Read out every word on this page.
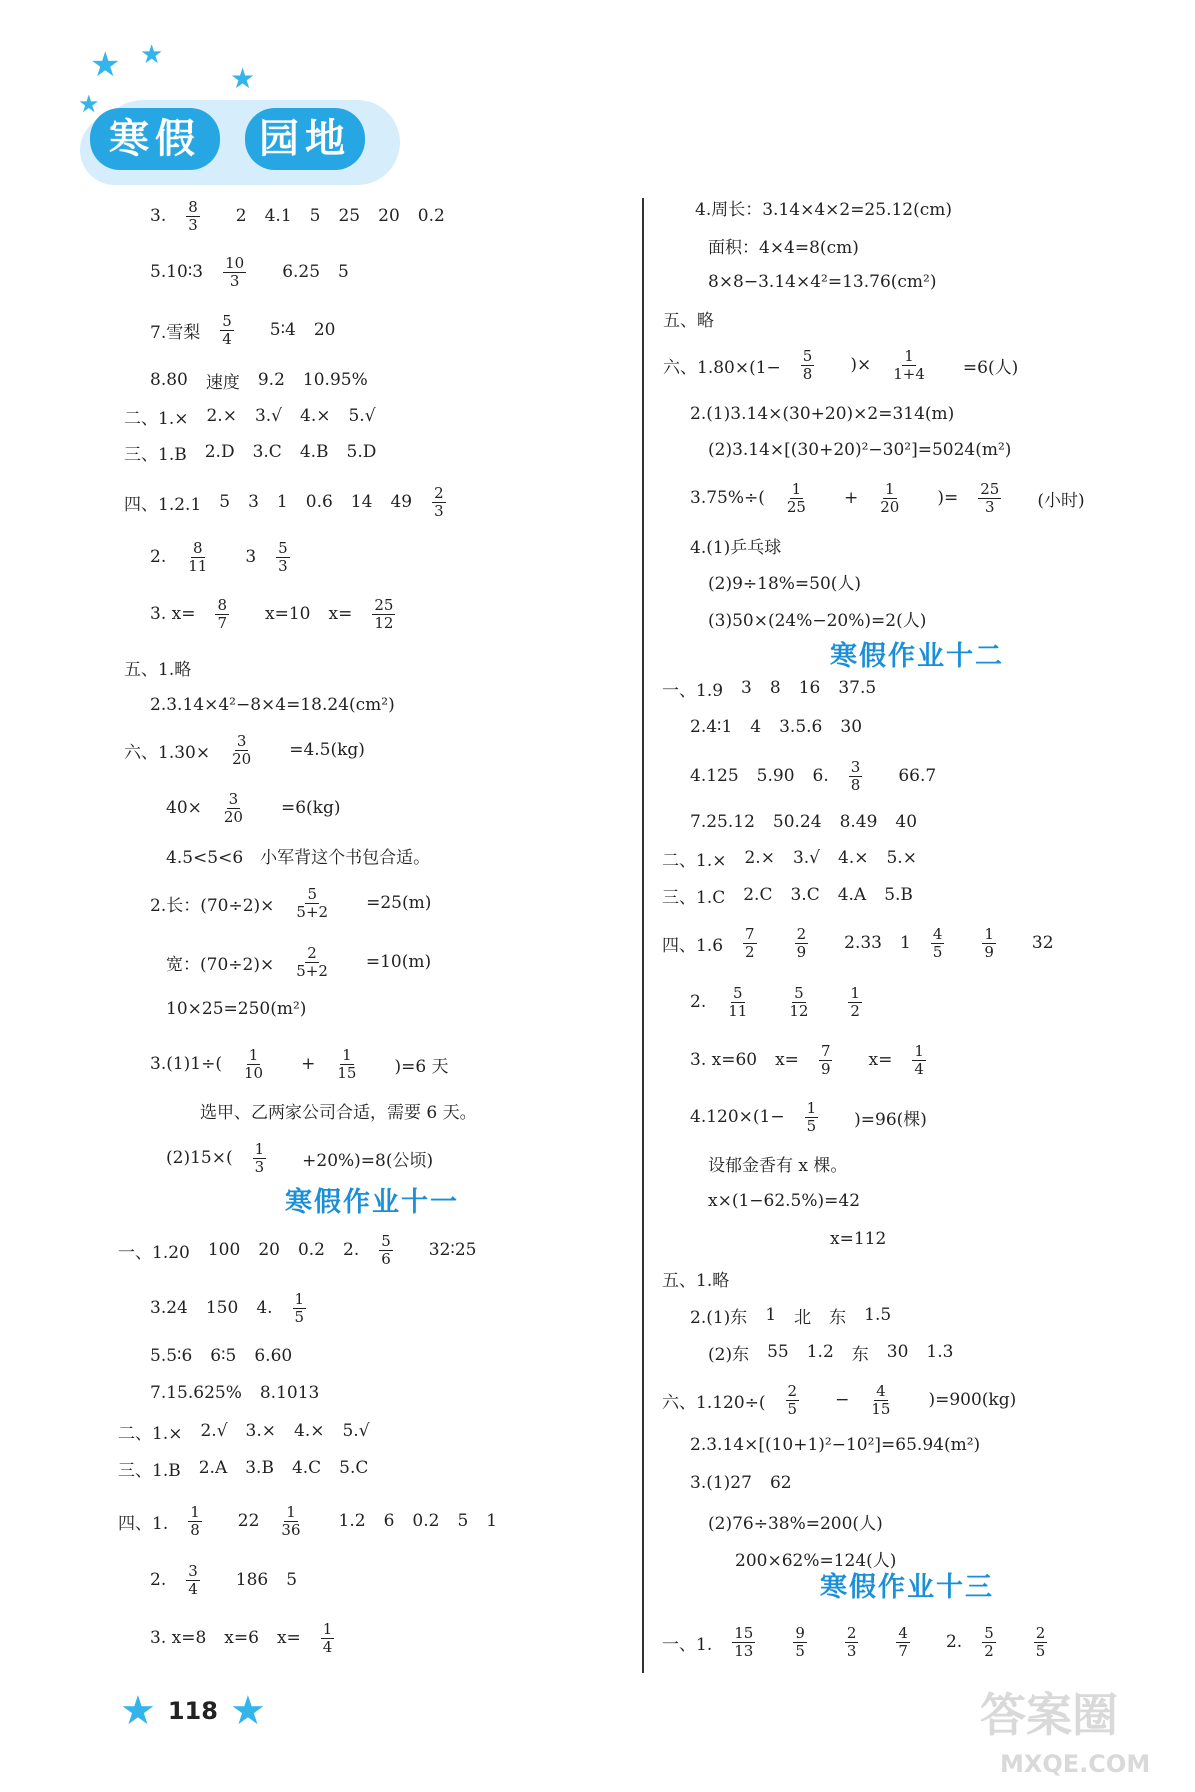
★ ★
★
★
寒假	园地
3. $\frac{8}{3} 2$ 4.1 5 25 20 0.2
5.10∶3 $\frac{10}{3} 6.25$ 5
7.雪梨 $\frac{5}{4}$ 5∶4 20
8.80 速度 9.2 10.95%
二、1.× 2.× 3.√ 4.× 5.√
三、1.B 2.D 3.C 4.B 5.D
四、1.2.1 5 3 1 0.6 14 $49 \frac{2}{3}$
2. $\frac{8}{11} 3 \frac{5}{3}$
3. $x= \frac{8}{7} x=10$ $x= \frac{25}{12}$
五、1.略
2.3.14×4²−8×4=18.24(cm²)
六、$1.30\times \frac{3}{20} =4.5(kg)$
$40\times \frac{3}{20} =6(kg)$
4.5<5<6　小军背这个书包合适。
2.长：$(70\div 2)\times \frac{5}{5+2} =25(m)$
宽：$(70\div 2)\times \frac{2}{5+2} =10(m)$
10×25=250(m²)
$3.(1)1\div( \frac{1}{10} + \frac{1}{15} )=6$ 天
选甲、乙两家公司合适，需要 6 天。
$(2)15\times( \frac{1}{3} +20\%)=8$(公顷)
一、1.20 100 20 0.2 2. $\frac{5}{6}$ 32∶25
3.24 150 4. $\frac{1}{5}$
5.5∶6 6∶5 6.60
7.15.625% 8.1013
二、1.× 2.√ 3.× 4.× 5.√
三、1.B 2.A 3.B 4.C 5.C
四、1. $\frac{1}{8} 22 \frac{1}{36} 1.2$ 6 0.2 5 1
2. $\frac{3}{4} 186$ 5
3. x=8 x=6 $x= \frac{1}{4}$
4.周长：3.14×4×2=25.12(cm)
面积：4×4=8(cm)
8×8−3.14×4²=13.76(cm²)
五、略
六、$1.80\times(1- \frac{5}{8}$ )× $\frac{1}{1+4} =6$(人)
2.(1)3.14×(30+20)×2=314(m)
(2)3.14×[(30+20)²−30²]=5024(m²)
$3.75\%\div( \frac{1}{25} + \frac{1}{20}$ )= $\frac{25}{3}$ (小时)
4.(1)乒乓球
(2)9÷18%=50(人)
(3)50×(24%−20%)=2(人)
一、1.9 3 8 16 37.5
2.4∶1 4 3.5.6 30
4.125 5.90 6. $\frac{3}{8} 66.7$
7.25.12 50.24 8.49 40
二、1.× 2.× 3.√ 4.× 5.×
三、1.C 2.C 3.C 4.A 5.B
四、$1.6 \frac{7}{2}$	$\frac{2}{9} 2.33$ $1 \frac{4}{5}$	$\frac{1}{9} 32$
2. $\frac{5}{11}$	$\frac{5}{12}$	$\frac{1}{2}$
3. x=60 $x= \frac{7}{9} x= \frac{1}{4}$
$4.120\times(1- \frac{1}{5} )=96$(棵)
设郁金香有 x 棵。
x×(1−62.5%)=42
x=112
五、1.略
2.(1)东 1 北 东 1.5
(2)东 55 1.2 东 30 1.3
六、$1.120\div( \frac{2}{5} - \frac{4}{15} )=900(kg)$
2.3.14×[(10+1)²−10²]=65.94(m²)
3.(1)27 62
(2)76÷38%=200(人)
200×62%=124(人)
一、1. $\frac{15}{13}$	$\frac{9}{5}$	$\frac{2}{3}$	$\frac{4}{7} 2$. $\frac{5}{2}$	$\frac{2}{5}$
寒假作业十一
寒假作业十二
寒假作业十三
★ 118 ★	答案圈
MXQE.COM
